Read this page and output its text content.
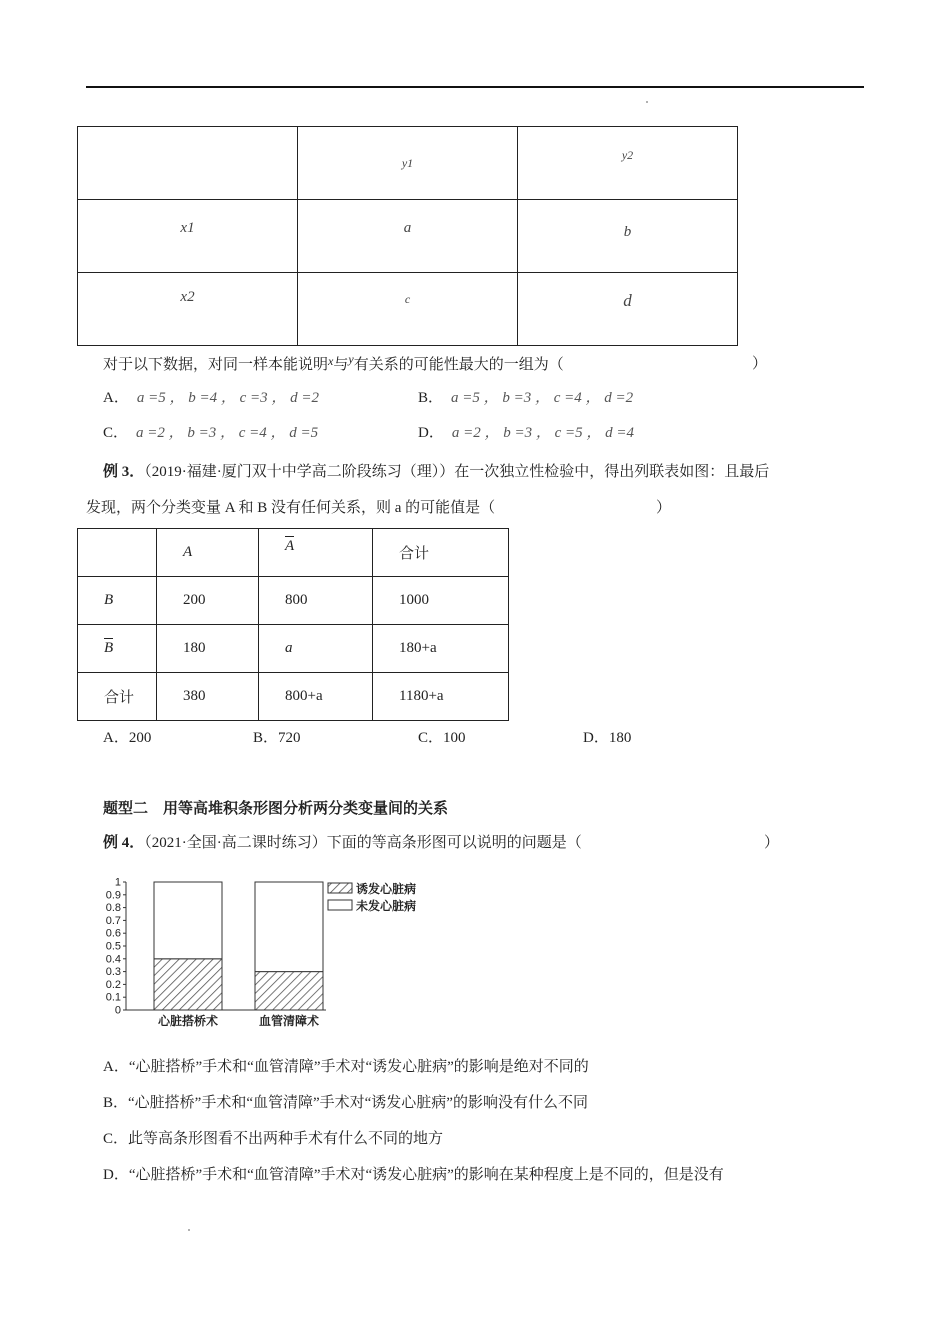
	y1	$^{y2}$
x1	a	b
x2	$^c$	d
对于以下数据，对同一样本能说明$^x$与$^y$有关系的可能性最大的一组为（	）
A． a =5 ， b =4 ， c =3 ， d =2	B． a =5 ， b =3 ， c =4 ， d =2
C． a =2 ， b =3 ， c =4 ， d =5	D． a =2 ， b =3 ， c =5 ， d =4
例 3．（2019·福建·厦门双十中学高二阶段练习（理））在一次独立性检验中，得出列联表如图：且最后
发现，两个分类变量 A 和 B 没有任何关系，则 a 的可能值是（	）
	A	A	合计
B	200	800	1000

B	180	a	180+a
合计	380	800+a	1180+a
A．200	B．720	C．100	D．180
题型二　用等高堆积条形图分析两分类变量间的关系
例 4．（2021·全国·高二课时练习）下面的等高条形图可以说明的问题是（	）
0
0.1
0.2
0.3
0.4
0.5
0.6
0.7
0.8
0.9
1
心脏搭桥术	血管清障术
诱发心脏病
未发心脏病
A．“心脏搭桥”手术和“血管清障”手术对“诱发心脏病”的影响是绝对不同的
B．“心脏搭桥”手术和“血管清障”手术对“诱发心脏病”的影响没有什么不同
C．此等高条形图看不出两种手术有什么不同的地方
D．“心脏搭桥”手术和“血管清障”手术对“诱发心脏病”的影响在某种程度上是不同的，但是没有
